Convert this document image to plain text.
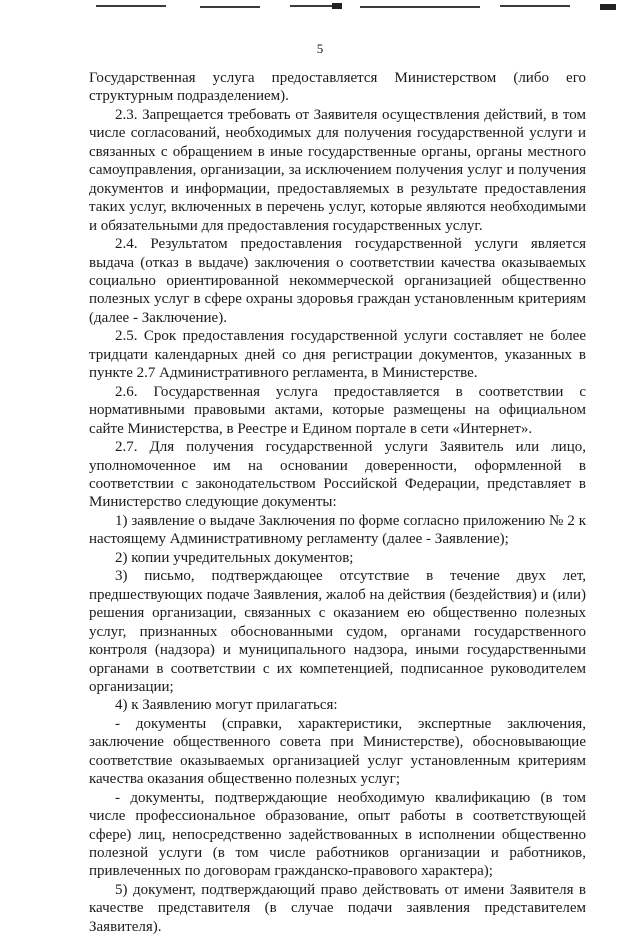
5

Государственная услуга предоставляется Министерством (либо его структурным подразделением).

2.3. Запрещается требовать от Заявителя осуществления действий, в том числе согласований, необходимых для получения государственной услуги и связанных с обращением в иные государственные органы, органы местного самоуправления, организации, за исключением получения услуг и получения документов и информации, предоставляемых в результате предоставления таких услуг, включенных в перечень услуг, которые являются необходимыми и обязательными для предоставления государственных услуг.

2.4. Результатом предоставления государственной услуги является выдача (отказ в выдаче) заключения о соответствии качества оказываемых социально ориентированной некоммерческой организацией общественно полезных услуг в сфере охраны здоровья граждан установленным критериям (далее - Заключение).

2.5. Срок предоставления государственной услуги составляет не более тридцати календарных дней со дня регистрации документов, указанных в пункте 2.7 Административного регламента, в Министерстве.

2.6. Государственная услуга предоставляется в соответствии с нормативными правовыми актами, которые размещены на официальном сайте Министерства, в Реестре и Едином портале в сети «Интернет».

2.7. Для получения государственной услуги Заявитель или лицо, уполномоченное им на основании доверенности, оформленной в соответствии с законодательством Российской Федерации, представляет в Министерство следующие документы:

1) заявление о выдаче Заключения по форме согласно приложению № 2 к настоящему Административному регламенту (далее - Заявление);

2) копии учредительных документов;

3) письмо, подтверждающее отсутствие в течение двух лет, предшествующих подаче Заявления, жалоб на действия (бездействия) и (или) решения организации, связанных с оказанием ею общественно полезных услуг, признанных обоснованными судом, органами государственного контроля (надзора) и муниципального надзора, иными государственными органами в соответствии с их компетенцией, подписанное руководителем организации;

4) к Заявлению могут прилагаться:

- документы (справки, характеристики, экспертные заключения, заключение общественного совета при Министерстве), обосновывающие соответствие оказываемых организацией услуг установленным критериям качества оказания общественно полезных услуг;

- документы, подтверждающие необходимую квалификацию (в том числе профессиональное образование, опыт работы в соответствующей сфере) лиц, непосредственно задействованных в исполнении общественно полезной услуги (в том числе работников организации и работников, привлеченных по договорам гражданско-правового характера);

5) документ, подтверждающий право действовать от имени Заявителя в качестве представителя (в случае подачи заявления представителем Заявителя).
